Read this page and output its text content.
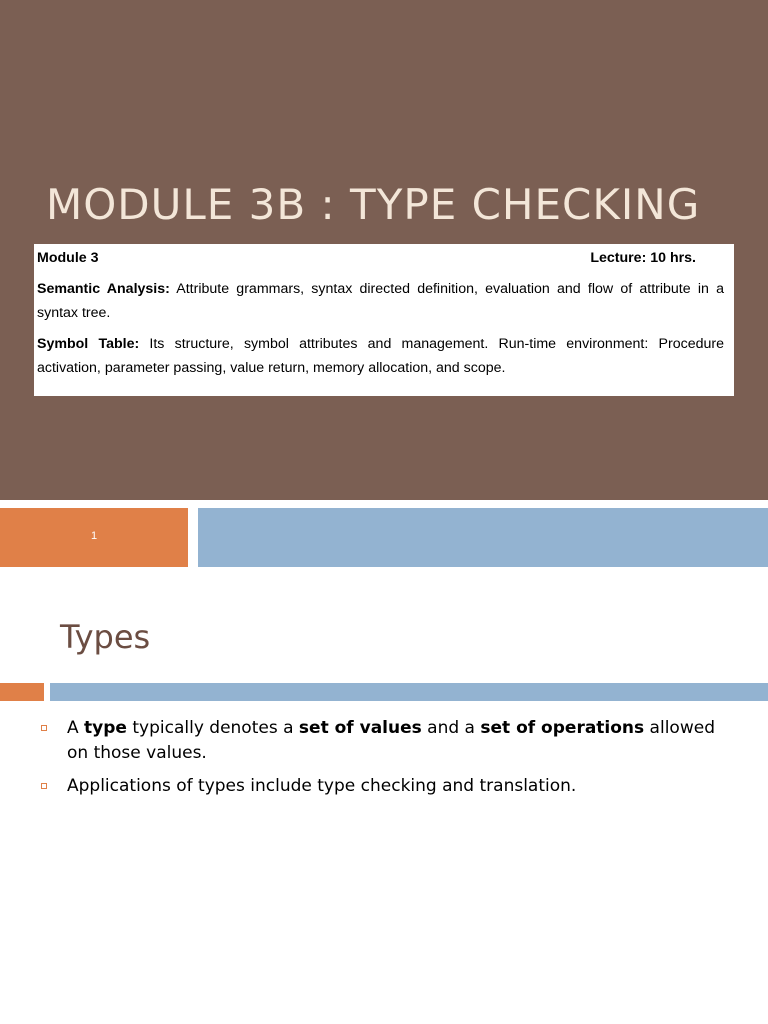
MODULE 3B : TYPE CHECKING
Module 3	Lecture: 10 hrs.
Semantic Analysis: Attribute grammars, syntax directed definition, evaluation and flow of attribute in a syntax tree.
Symbol Table: Its structure, symbol attributes and management. Run-time environment: Procedure activation, parameter passing, value return, memory allocation, and scope.
1
Types
A type typically denotes a set of values and a set of operations allowed on those values.
Applications of types include type checking and translation.
